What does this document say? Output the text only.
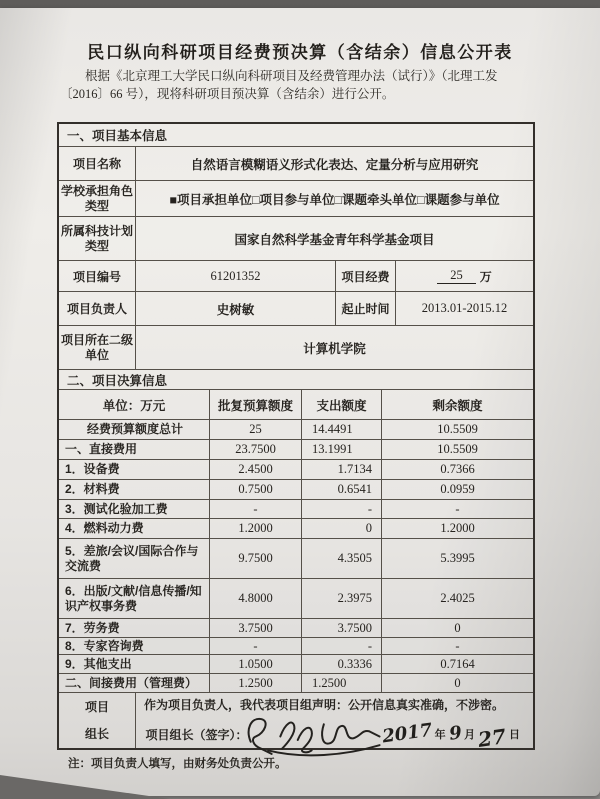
民口纵向科研项目经费预决算（含结余）信息公开表
根据《北京理工大学民口纵向科研项目及经费管理办法（试行）》（北理工发
〔2016〕66 号），现将科研项目预决算（含结余）进行公开。
一、项目基本信息
项目名称	自然语言模糊语义形式化表达、定量分析与应用研究
学校承担角色
类型	■项目承担单位□项目参与单位□课题牵头单位□课题参与单位
所属科技计划
类型	国家自然科学基金青年科学基金项目
项目编号	61201352	项目经费	25	万
项目负责人	史树敏	起止时间	2013.01-2015.12
项目所在二级
单位	计算机学院
二、项目决算信息
单位：万元	批复预算额度	支出额度	剩余额度
经费预算额度总计	25	14.4491	10.5509
一、直接费用	23.7500	13.1991	10.5509
1．设备费	2.4500	1.7134	0.7366
2．材料费	0.7500	0.6541	0.0959
3．测试化验加工费	-	-	-
4．燃料动力费	1.2000	0	1.2000
5．差旅/会议/国际合作与交流费
9.7500	4.3505	5.3995
6．出版/文献/信息传播/知识产权事务费
4.8000	2.3975	2.4025
7．劳务费	3.7500	3.7500	0
8．专家咨询费	-	-	-
9．其他支出	1.0500	0.3336	0.7164
二、间接费用（管理费）	1.2500	1.2500	0
项目
组长
作为项目负责人，我代表项目组声明：公开信息真实准确，不涉密。
项目组长（签字）：	2017 年 9 月 27 日
注：项目负责人填写，由财务处负责公开。
